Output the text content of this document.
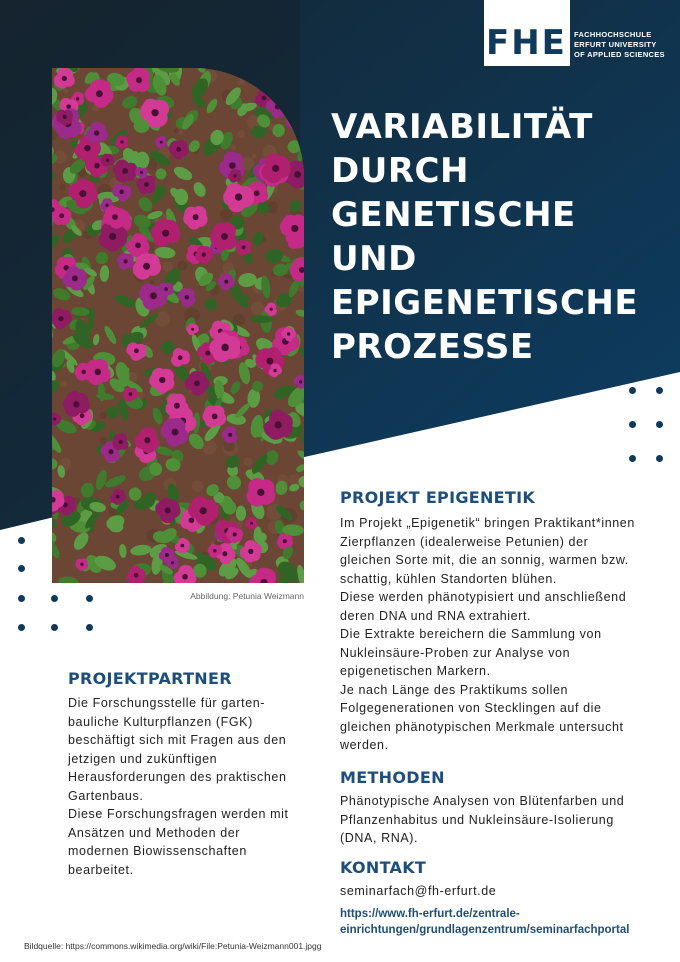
FHE FACHHOCHSCHULE
ERFURT UNIVERSITY
OF APPLIED SCIENCES
Abbildung: Petunia Weizmann
VARIABILITÄT
DURCH
GENETISCHE
UND
EPIGENETISCHE
PROZESSE
PROJEKT EPIGENETIK
Im Projekt „Epigenetik“ bringen Praktikant*innen
Zierpflanzen (idealerweise Petunien) der
gleichen Sorte mit, die an sonnig, warmen bzw.
schattig, kühlen Standorten blühen.
Diese werden phänotypisiert und anschließend
deren DNA und RNA extrahiert.
Die Extrakte bereichern die Sammlung von
Nukleinsäure-Proben zur Analyse von
epigenetischen Markern.
Je nach Länge des Praktikums sollen
Folgegenerationen von Stecklingen auf die
gleichen phänotypischen Merkmale untersucht
werden.
METHODEN
Phänotypische Analysen von Blütenfarben und
Pflanzenhabitus und Nukleinsäure-Isolierung
(DNA, RNA).
KONTAKT
seminarfach@fh-erfurt.de
https://www.fh-erfurt.de/zentrale-
einrichtungen/grundlagenzentrum/seminarfachportal
PROJEKTPARTNER
Die Forschungsstelle für garten-
bauliche Kulturpflanzen (FGK)
beschäftigt sich mit Fragen aus den
jetzigen und zukünftigen
Herausforderungen des praktischen
Gartenbaus.
Diese Forschungsfragen werden mit
Ansätzen und Methoden der
modernen Biowissenschaften
bearbeitet.
Bildquelle: https://commons.wikimedia.org/wiki/File:Petunia-Weizmann001.jpgg
